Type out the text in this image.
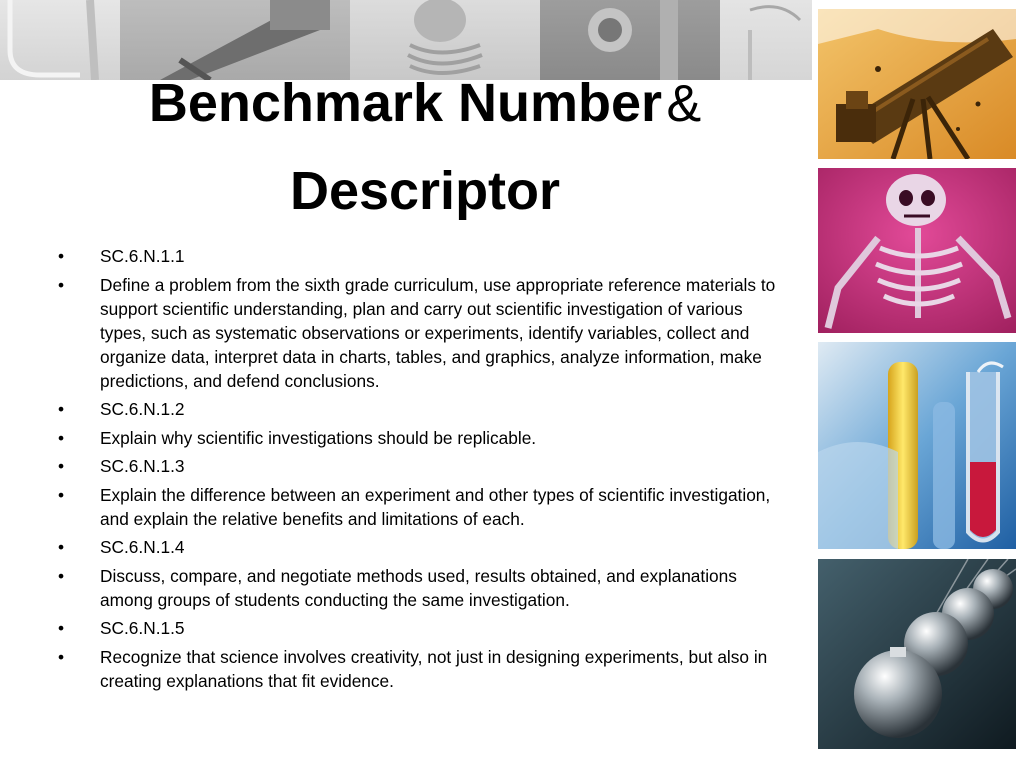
Benchmark Number &
Descriptor
• SC.6.N.1.1
• Define a problem from the sixth grade curriculum, use appropriate reference materials to support scientific understanding, plan and carry out scientific investigation of various types, such as systematic observations or experiments, identify variables, collect and organize data, interpret data in charts, tables, and graphics, analyze information, make predictions, and defend conclusions.
• SC.6.N.1.2
• Explain why scientific investigations should be replicable.
• SC.6.N.1.3
• Explain the difference between an experiment and other types of scientific investigation, and explain the relative benefits and limitations of each.
• SC.6.N.1.4
• Discuss, compare, and negotiate methods used, results obtained, and explanations among groups of students conducting the same investigation.
• SC.6.N.1.5
• Recognize that science involves creativity, not just in designing experiments, but also in creating explanations that fit evidence.
